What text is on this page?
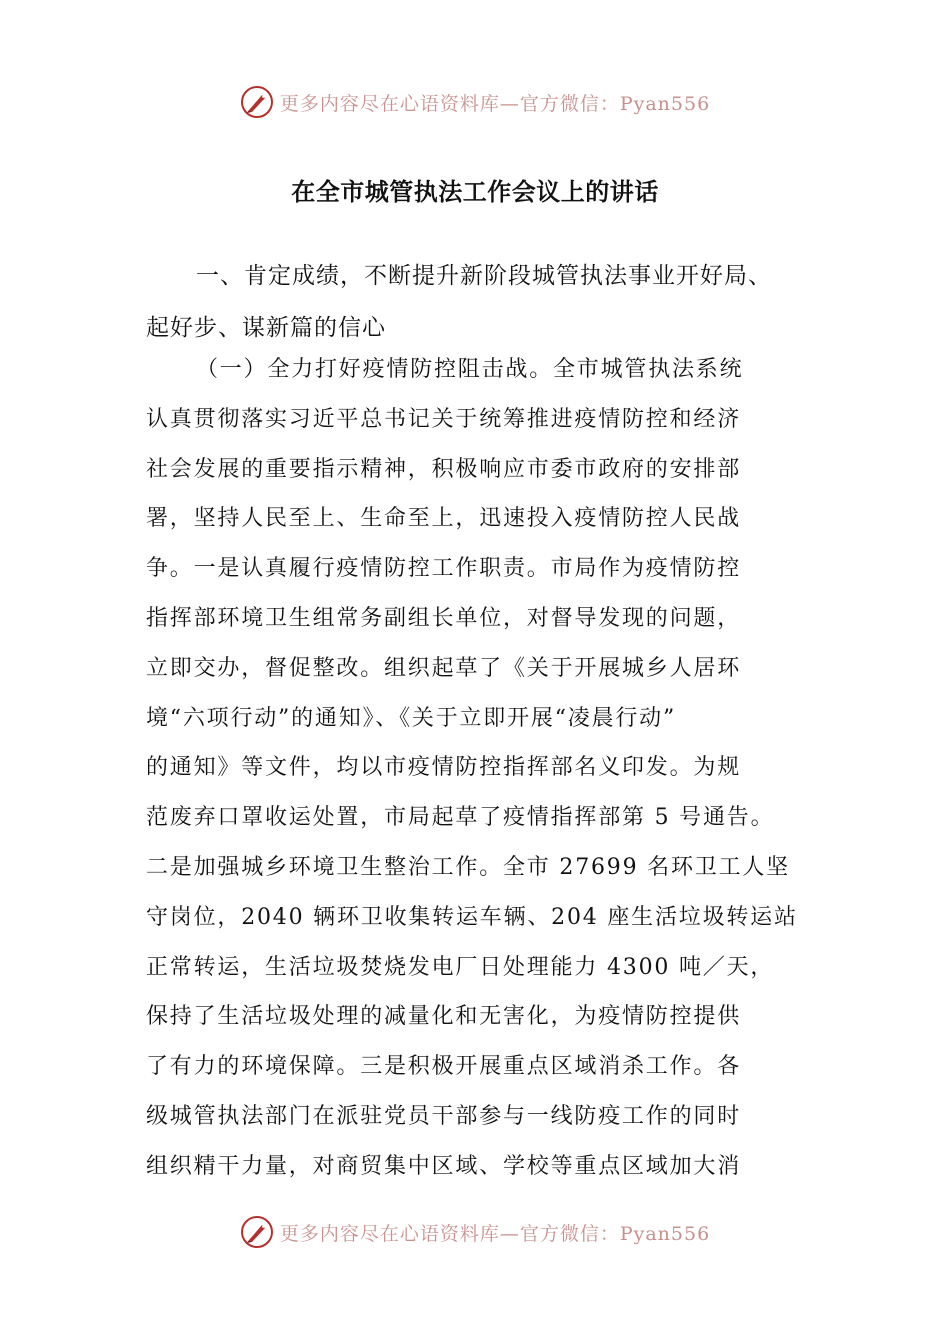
更多内容尽在心语资料库—官方微信：Pyan556
在全市城管执法工作会议上的讲话
一、肯定成绩，不断提升新阶段城管执法事业开好局、
起好步、谋新篇的信心
（一）全力打好疫情防控阻击战。全市城管执法系统
认真贯彻落实习近平总书记关于统筹推进疫情防控和经济
社会发展的重要指示精神，积极响应市委市政府的安排部
署，坚持人民至上、生命至上，迅速投入疫情防控人民战
争。一是认真履行疫情防控工作职责。市局作为疫情防控
指挥部环境卫生组常务副组长单位，对督导发现的问题，
立即交办，督促整改。组织起草了《关于开展城乡人居环
境“六项行动”的通知》、《关于立即开展“凌晨行动”
的通知》等文件，均以市疫情防控指挥部名义印发。为规
范废弃口罩收运处置，市局起草了疫情指挥部第 5 号通告。
二是加强城乡环境卫生整治工作。全市 27699 名环卫工人坚
守岗位，2040 辆环卫收集转运车辆、204 座生活垃圾转运站
正常转运，生活垃圾焚烧发电厂日处理能力 4300 吨／天，
保持了生活垃圾处理的减量化和无害化，为疫情防控提供
了有力的环境保障。三是积极开展重点区域消杀工作。各
级城管执法部门在派驻党员干部参与一线防疫工作的同时
组织精干力量，对商贸集中区域、学校等重点区域加大消
更多内容尽在心语资料库—官方微信：Pyan556
